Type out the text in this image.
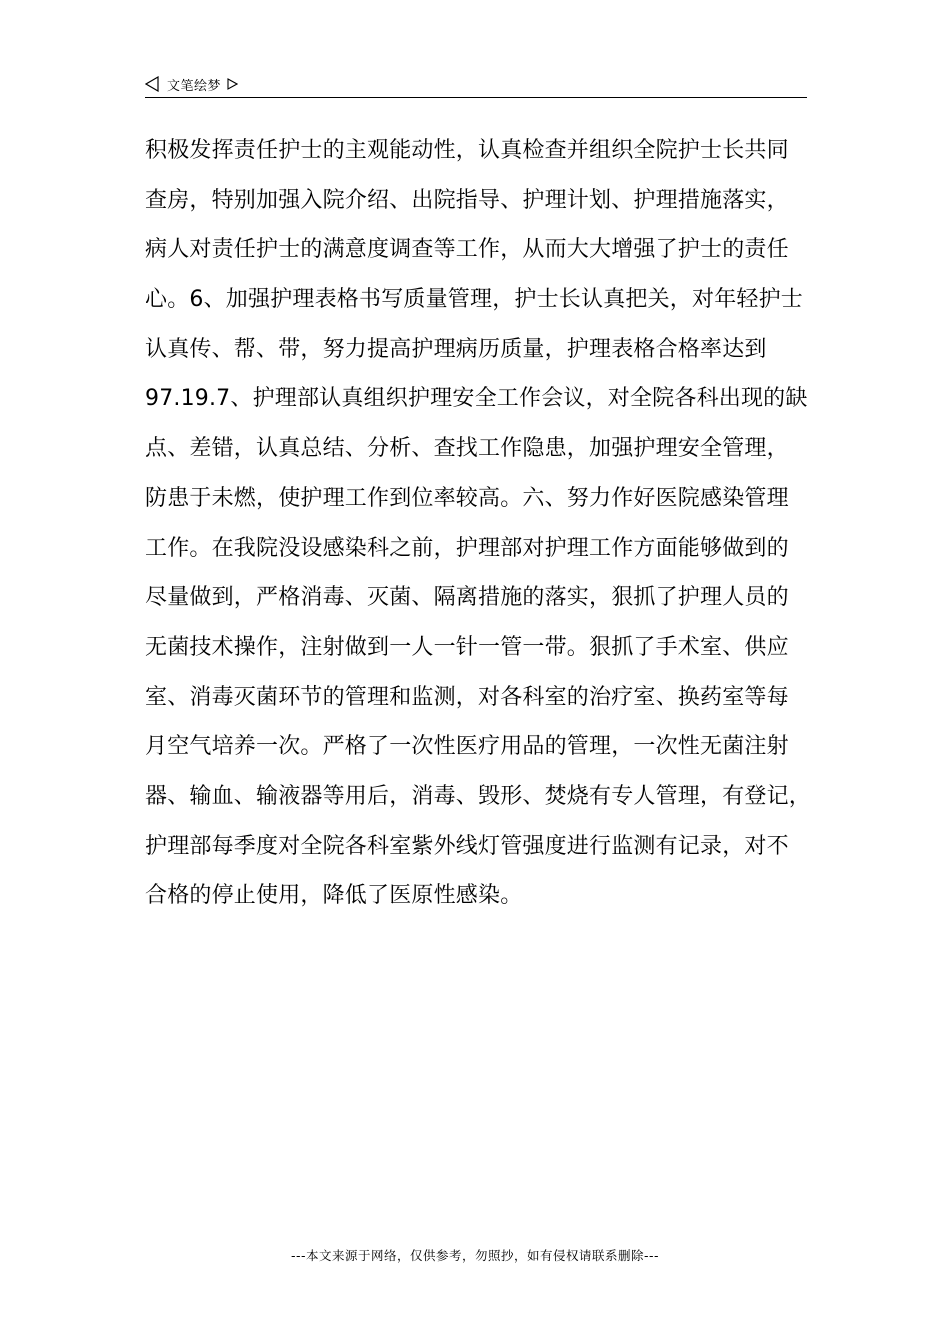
文笔绘梦
积极发挥责任护士的主观能动性，认真检查并组织全院护士长共同
查房，特别加强入院介绍、出院指导、护理计划、护理措施落实，
病人对责任护士的满意度调查等工作，从而大大增强了护士的责任
心。6、加强护理表格书写质量管理，护士长认真把关，对年轻护士
认真传、帮、带，努力提高护理病历质量，护理表格合格率达到
97.19.7、护理部认真组织护理安全工作会议，对全院各科出现的缺
点、差错，认真总结、分析、查找工作隐患，加强护理安全管理，
防患于未燃，使护理工作到位率较高。六、努力作好医院感染管理
工作。在我院没设感染科之前，护理部对护理工作方面能够做到的
尽量做到，严格消毒、灭菌、隔离措施的落实，狠抓了护理人员的
无菌技术操作，注射做到一人一针一管一带。狠抓了手术室、供应
室、消毒灭菌环节的管理和监测，对各科室的治疗室、换药室等每
月空气培养一次。严格了一次性医疗用品的管理，一次性无菌注射
器、输血、输液器等用后，消毒、毁形、焚烧有专人管理，有登记，
护理部每季度对全院各科室紫外线灯管强度进行监测有记录，对不
合格的停止使用，降低了医原性感染。
---本文来源于网络，仅供参考，勿照抄，如有侵权请联系删除---
